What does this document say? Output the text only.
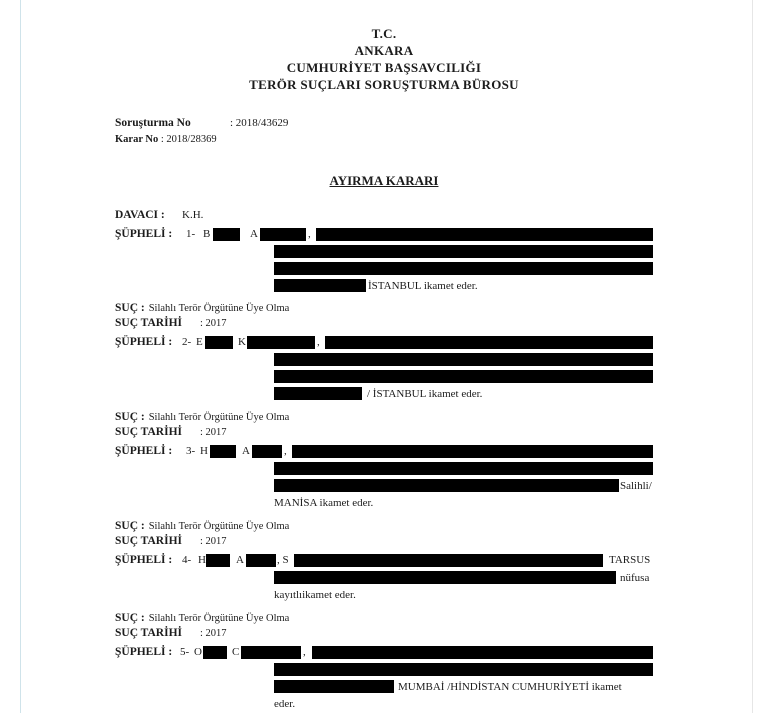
T.C.
ANKARA
CUMHURİYET BAŞSAVCILIĞI
TERÖR SUÇLARI SORUŞTURMA BÜROSU
Soruşturma No	: 2018/43629
Karar No : 2018/28369
AYIRMA KARARI
DAVACI : K.H.
ŞÜPHELİ : 1- B	A	,
İSTANBUL ikamet eder.
SUÇ : Silahlı Terör Örgütüne Üye Olma
SUÇ TARİHİ : 2017
ŞÜPHELİ : 2- E	K	,
/ İSTANBUL ikamet eder.
SUÇ : Silahlı Terör Örgütüne Üye Olma
SUÇ TARİHİ : 2017
ŞÜPHELİ : 3- H	A	,
Salihli/
MANİSA ikamet eder.
SUÇ : Silahlı Terör Örgütüne Üye Olma
SUÇ TARİHİ : 2017
ŞÜPHELİ : 4- H	A	, S	TARSUS
nüfusa
kayıtlıikamet eder.
SUÇ : Silahlı Terör Örgütüne Üye Olma
SUÇ TARİHİ : 2017
ŞÜPHELİ : 5- O	C	,
MUMBAİ /HİNDİSTAN CUMHURİYETİ ikamet
eder.
